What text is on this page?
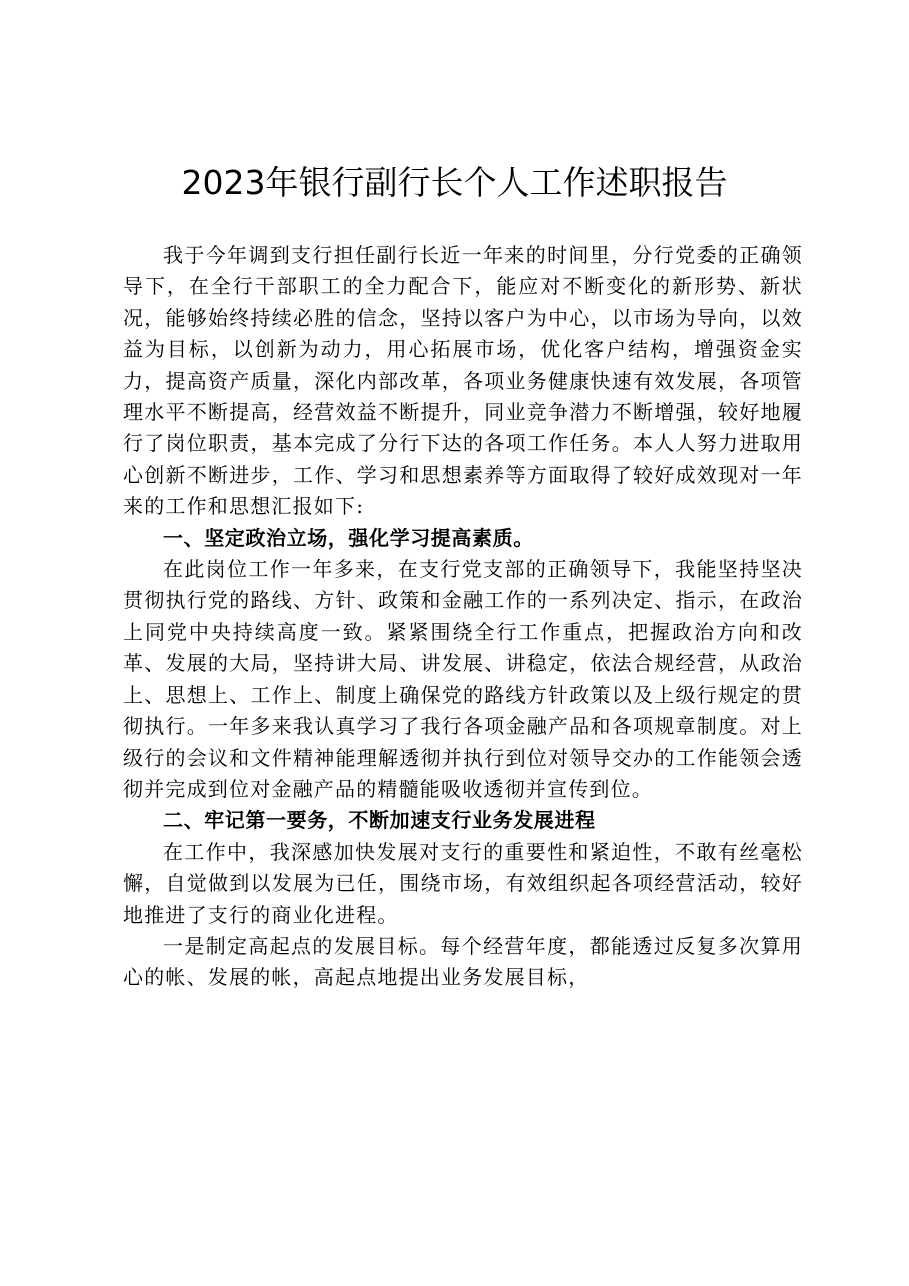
2023年银行副行长个人工作述职报告

我于今年调到支行担任副行长近一年来的时间里，分行党委的正确领导下，在全行干部职工的全力配合下，能应对不断变化的新形势、新状况，能够始终持续必胜的信念，坚持以客户为中心，以市场为导向，以效益为目标，以创新为动力，用心拓展市场，优化客户结构，增强资金实力，提高资产质量，深化内部改革，各项业务健康快速有效发展，各项管理水平不断提高，经营效益不断提升，同业竞争潜力不断增强，较好地履行了岗位职责，基本完成了分行下达的各项工作任务。本人人努力进取用心创新不断进步，工作、学习和思想素养等方面取得了较好成效现对一年来的工作和思想汇报如下:

一、坚定政治立场，强化学习提高素质。

在此岗位工作一年多来，在支行党支部的正确领导下，我能坚持坚决贯彻执行党的路线、方针、政策和金融工作的一系列决定、指示，在政治上同党中央持续高度一致。紧紧围绕全行工作重点，把握政治方向和改革、发展的大局，坚持讲大局、讲发展、讲稳定，依法合规经营，从政治上、思想上、工作上、制度上确保党的路线方针政策以及上级行规定的贯彻执行。一年多来我认真学习了我行各项金融产品和各项规章制度。对上级行的会议和文件精神能理解透彻并执行到位对领导交办的工作能领会透彻并完成到位对金融产品的精髓能吸收透彻并宣传到位。

二、牢记第一要务，不断加速支行业务发展进程

在工作中，我深感加快发展对支行的重要性和紧迫性，不敢有丝毫松懈，自觉做到以发展为已任，围绕市场，有效组织起各项经营活动，较好地推进了支行的商业化进程。

一是制定高起点的发展目标。每个经营年度，都能透过反复多次算用心的帐、发展的帐，高起点地提出业务发展目标，
